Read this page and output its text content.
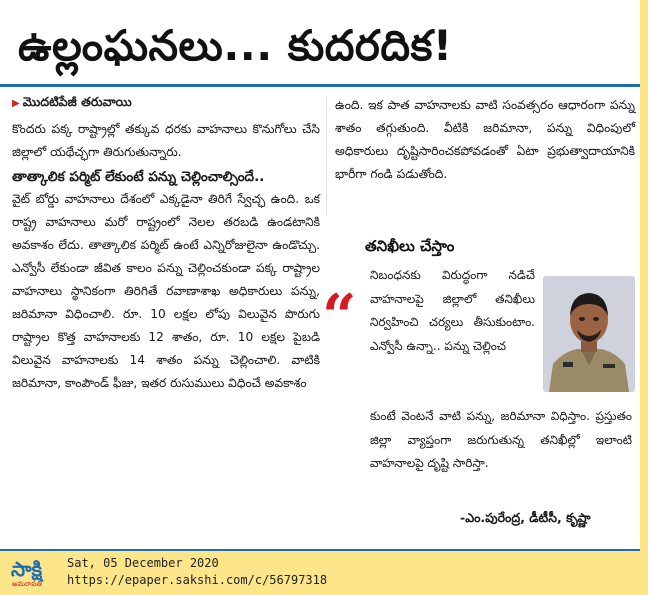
ఉల్లంఘనలు... కుదరదిక!
▶ మొదటిపేజీ తరువాయి
కొందరు పక్క రాష్ట్రాల్లో తక్కువ ధరకు వాహనాలు కొనుగోలు చేసి జిల్లాలో యథేచ్ఛగా తిరుగుతున్నారు.
తాత్కాలిక పర్మిట్ లేకుంటే పన్ను చెల్లించాల్సిందే..
వైట్ బోర్డు వాహనాలు దేశంలో ఎక్కడైనా తిరిగే స్వేచ్ఛ ఉంది. ఒక రాష్ట్ర వాహనాలు మరో రాష్ట్రంలో నెలల తరబడి ఉండటానికి అవకాశం లేదు. తాత్కాలిక పర్మిట్ ఉంటే ఎన్నిరోజులైనా ఉండొచ్చు. ఎన్వోసీ లేకుండా జీవిత కాలం పన్ను చెల్లించకుండా పక్క రాష్ట్రాల వాహనాలు స్థానికంగా తిరిగితే రవాణాశాఖ అధికారులు పన్ను, జరిమానా విధించాలి. రూ. 10 లక్షల లోపు విలువైన పొరుగు రాష్ట్రాల కొత్త వాహనాలకు 12 శాతం, రూ. 10 లక్షల పైబడి విలువైన వాహనాలకు 14 శాతం పన్ను చెల్లించాలి. వాటికి జరిమానా, కాంపౌండ్ ఫీజు, ఇతర రుసుములు విధించే అవకాశం
ఉంది. ఇక పాత వాహనాలకు వాటి సంవత్సరం ఆధారంగా పన్ను శాతం తగ్గుతుంది. వీటికి జరిమానా, పన్ను విధింపులో అధికారులు దృష్టిసారించకపోవడంతో ఏటా ప్రభుత్వాదాయానికి భారీగా గండి పడుతోంది.
“
తనిఖీలు చేస్తాం
నిబంధనకు విరుద్ధంగా నడిచే వాహనాలపై జిల్లాలో తనిఖీలు నిర్వహించి చర్యలు తీసుకుంటాం. ఎన్వోసీ ఉన్నా.. పన్ను చెల్లించ
కుంటే వెంటనే వాటి పన్ను, జరిమానా విధిస్తాం. ప్రస్తుతం జిల్లా వ్యాప్తంగా జరుగుతున్న తనిఖీల్లో ఇలాంటి వాహనాలపై దృష్టి సారిస్తా.
-ఎం.పురేంద్ర, డీటీసీ, కృష్ణా
సాక్షి
అమరావతి
Sat, 05 December 2020
https://epaper.sakshi.com/c/56797318
